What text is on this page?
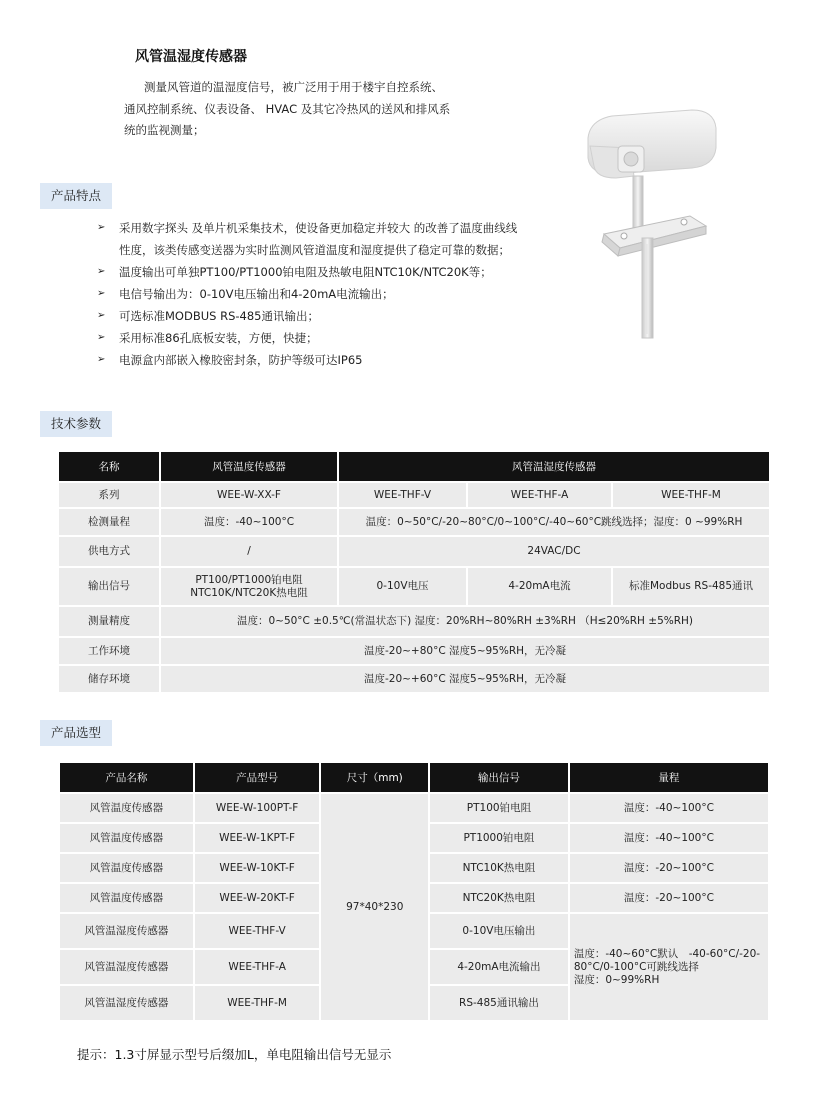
风管温湿度传感器
测量风管道的温湿度信号，被广泛用于用于楼宇自控系统、
通风控制系统、仪表设备、 HVAC 及其它冷热风的送风和排风系
统的监视测量；
产品特点
➢ 采用数字探头 及单片机采集技术，使设备更加稳定并较大 的改善了温度曲线线
性度，该类传感变送器为实时监测风管道温度和湿度提供了稳定可靠的数据；
➢ 温度输出可单独PT100/PT1000铂电阻及热敏电阻NTC10K/NTC20K等；
➢ 电信号输出为：0-10V电压输出和4-20mA电流输出；
➢ 可选标准MODBUS RS-485通讯输出；
➢ 采用标准86孔底板安装，方便，快捷；
➢ 电源盒内部嵌入橡胶密封条，防护等级可达IP65
技术参数
名称	风管温度传感器	风管温湿度传感器		
系列	WEE-W-XX-F	WEE-THF-V	WEE-THF-A	WEE-THF-M
检测量程	温度：-40~100°C	温度：0~50°C/-20~80°C/0~100°C/-40~60°C跳线选择；湿度：0 ~99%RH		
供电方式	/	24VAC/DC		
输出信号	PT100/PT1000铂电阻
NTC10K/NTC20K热电阻	0-10V电压	4-20mA电流	标准Modbus RS-485通讯
测量精度	温度：0~50°C ±0.5℃(常温状态下) 湿度：20%RH~80%RH ±3%RH （H≤20%RH ±5%RH)			
工作环境	温度-20~+80°C 湿度5~95%RH，无冷凝			
储存环境	温度-20~+60°C 湿度5~95%RH，无冷凝			
产品选型
产品名称	产品型号	尺寸（mm)	输出信号	量程
风管温度传感器	WEE-W-100PT-F	97*40*230	PT100铂电阻	温度：-40~100°C
风管温度传感器	WEE-W-1KPT-F		PT1000铂电阻	温度：-40~100°C
风管温度传感器	WEE-W-10KT-F		NTC10K热电阻	温度：-20~100°C
风管温度传感器	WEE-W-20KT-F		NTC20K热电阻	温度：-20~100°C
风管温湿度传感器	WEE-THF-V		0-10V电压输出	温度：-40~60°C默认　-40-60°C/-20-
80°C/0-100°C可跳线选择
湿度：0~99%RH
风管温湿度传感器	WEE-THF-A		4-20mA电流输出	
风管温湿度传感器	WEE-THF-M		RS-485通讯输出	
提示：1.3寸屏显示型号后缀加L，单电阻输出信号无显示
